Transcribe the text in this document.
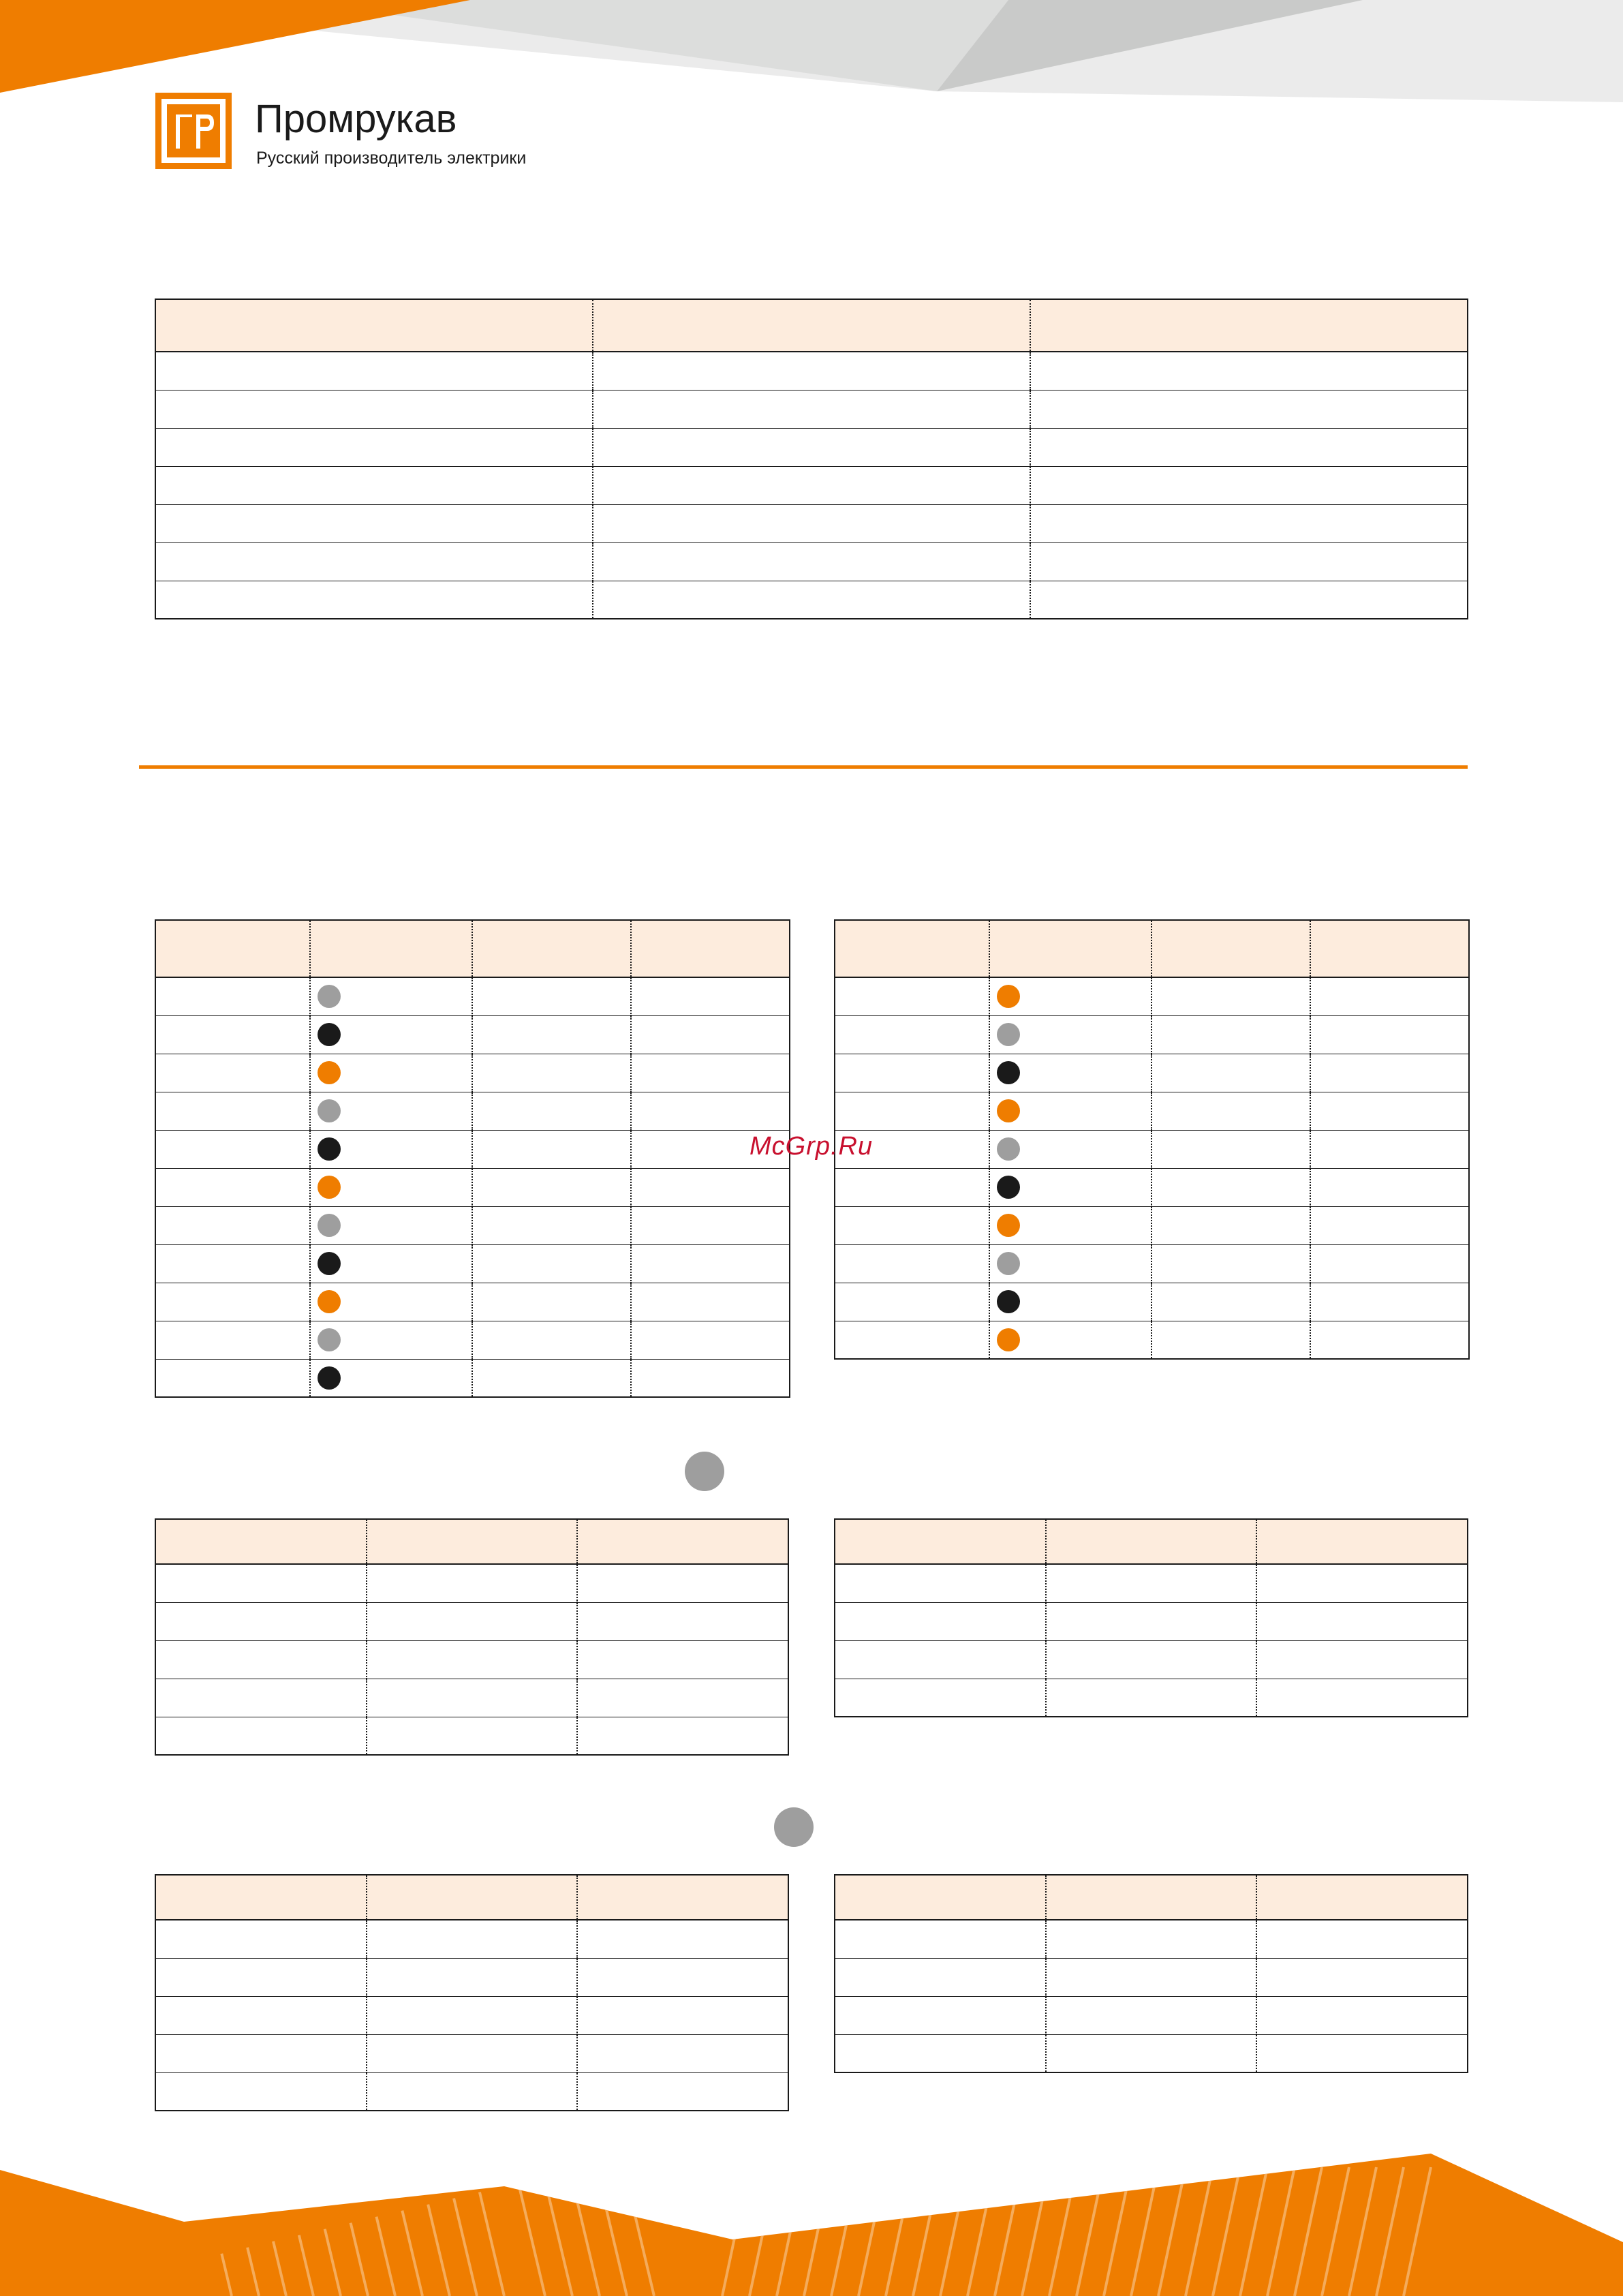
Промрукав
Русский производитель электрики

McGrp.Ru
